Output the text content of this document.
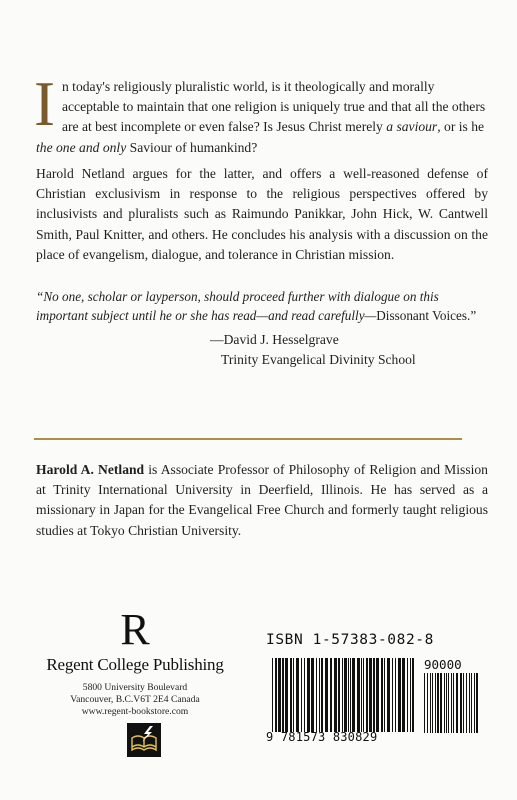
In today's religiously pluralistic world, is it theologically and morally acceptable to maintain that one religion is uniquely true and that all the others are at best incomplete or even false? Is Jesus Christ merely a saviour, or is he the one and only Saviour of humankind?
Harold Netland argues for the latter, and offers a well-reasoned defense of Christian exclusivism in response to the religious perspectives offered by inclusivists and pluralists such as Raimundo Panikkar, John Hick, W. Cantwell Smith, Paul Knitter, and others. He concludes his analysis with a discussion on the place of evangelism, dialogue, and tolerance in Christian mission.
“No one, scholar or layperson, should proceed further with dialogue on this important subject until he or she has read—and read carefully—Dissonant Voices.”
—David J. Hesselgrave
Trinity Evangelical Divinity School
Harold A. Netland is Associate Professor of Philosophy of Religion and Mission at Trinity International University in Deerfield, Illinois. He has served as a missionary in Japan for the Evangelical Free Church and formerly taught religious studies at Tokyo Christian University.
R
Regent College Publishing
5800 University Boulevard
Vancouver, B.C.V6T 2E4 Canada
www.regent-bookstore.com
ISBN 1-57383-082-8
90000
9 781573 830829
